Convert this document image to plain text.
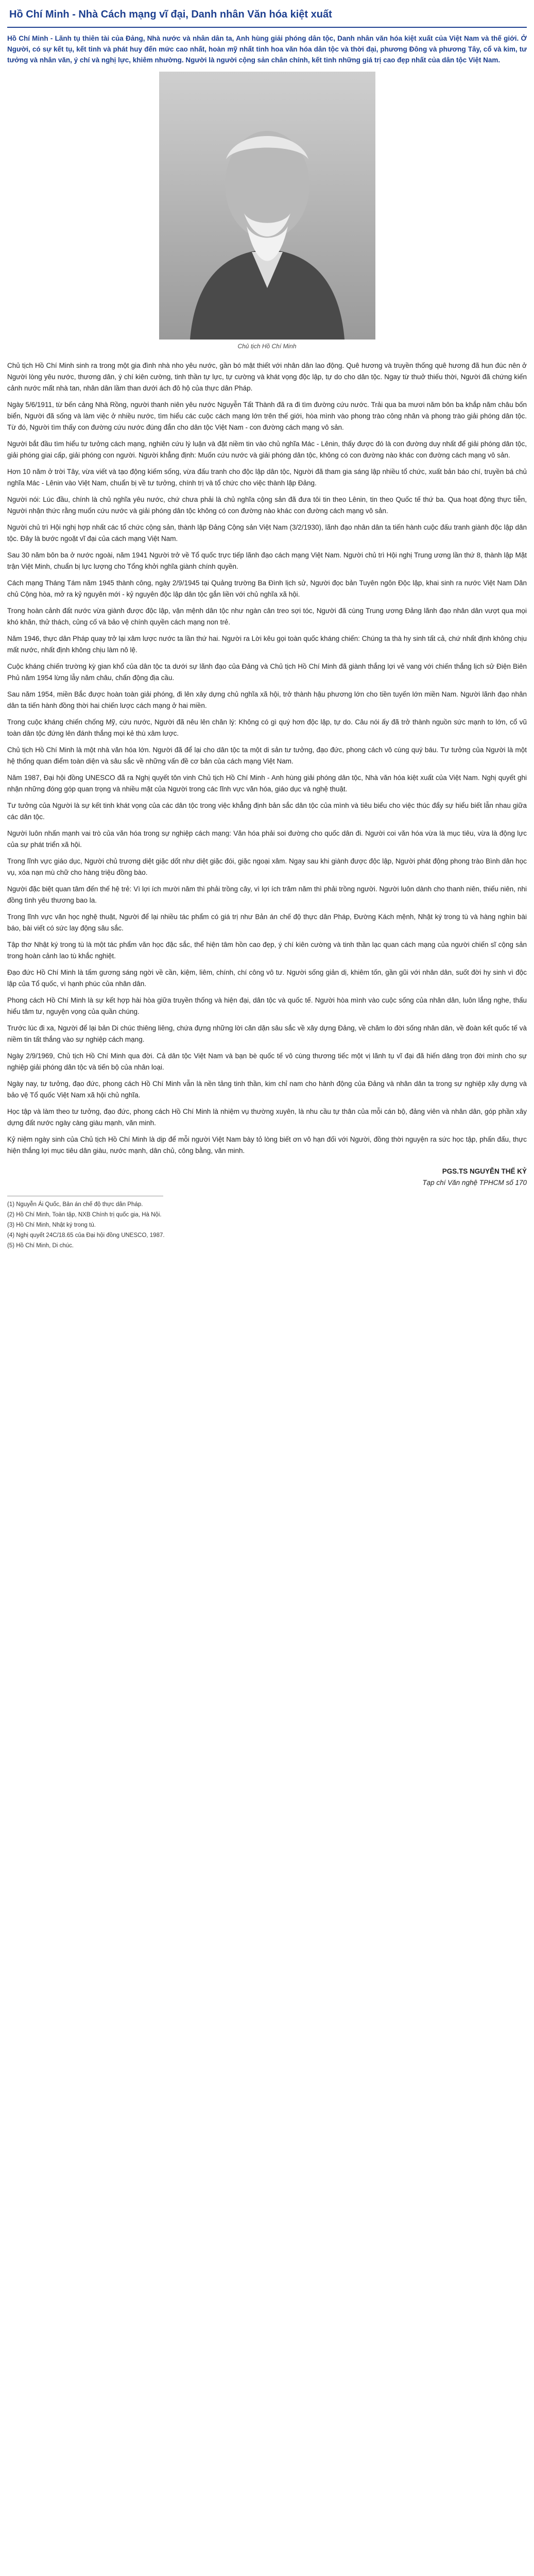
Hồ Chí Minh - Nhà Cách mạng vĩ đại, Danh nhân Văn hóa kiệt xuất

Hồ Chí Minh - Lãnh tụ thiên tài của Đảng, Nhà nước và nhân dân ta, Anh hùng giải phóng dân tộc, Danh nhân văn hóa kiệt xuất của Việt Nam và thế giới. Ở Người, có sự kết tụ, kết tinh và phát huy đến mức cao nhất, hoàn mỹ nhất tinh hoa văn hóa dân tộc và thời đại, phương Đông và phương Tây, cổ và kim, tư tưởng và nhân văn, ý chí và nghị lực, khiêm nhường. Người là người cộng sản chân chính, kết tinh những giá trị cao đẹp nhất của dân tộc Việt Nam.

Chủ tịch Hồ Chí Minh

Chủ tịch Hồ Chí Minh sinh ra trong một gia đình nhà nho yêu nước, gần bó mật thiết với nhân dân lao động. Quê hương và truyền thống quê hương đã hun đúc nên ở Người lòng yêu nước, thương dân, ý chí kiên cường, tinh thần tự lực, tự cường và khát vọng độc lập, tự do cho dân tộc. Ngay từ thuở thiếu thời, Người đã chứng kiến cảnh nước mất nhà tan, nhân dân lầm than dưới ách đô hộ của thực dân Pháp.

Ngày 5/6/1911, từ bến cảng Nhà Rồng, người thanh niên yêu nước Nguyễn Tất Thành đã ra đi tìm đường cứu nước. Trải qua ba mươi năm bôn ba khắp năm châu bốn biển, Người đã sống và làm việc ở nhiều nước, tìm hiểu các cuộc cách mạng lớn trên thế giới, hòa mình vào phong trào công nhân và phong trào giải phóng dân tộc. Từ đó, Người tìm thấy con đường cứu nước đúng đắn cho dân tộc Việt Nam - con đường cách mạng vô sản.

Người bắt đầu tìm hiểu tư tưởng cách mạng, nghiên cứu lý luận và đặt niềm tin vào chủ nghĩa Mác - Lênin, thấy được đó là con đường duy nhất để giải phóng dân tộc, giải phóng giai cấp, giải phóng con người. Người khẳng định: Muốn cứu nước và giải phóng dân tộc, không có con đường nào khác con đường cách mạng vô sản.

Hơn 10 năm ở trời Tây, vừa viết và tạo động kiếm sống, vừa đấu tranh cho độc lập dân tộc, Người đã tham gia sáng lập nhiều tổ chức, xuất bản báo chí, truyền bá chủ nghĩa Mác - Lênin vào Việt Nam, chuẩn bị về tư tưởng, chính trị và tổ chức cho việc thành lập Đảng.

Người nói: Lúc đầu, chính là chủ nghĩa yêu nước, chứ chưa phải là chủ nghĩa cộng sản đã đưa tôi tin theo Lênin, tin theo Quốc tế thứ ba. Qua hoạt động thực tiễn, Người nhận thức rằng muốn cứu nước và giải phóng dân tộc không có con đường nào khác con đường cách mạng vô sản.

Người chủ trì Hội nghị hợp nhất các tổ chức cộng sản, thành lập Đảng Cộng sản Việt Nam (3/2/1930), lãnh đạo nhân dân ta tiến hành cuộc đấu tranh giành độc lập dân tộc. Đây là bước ngoặt vĩ đại của cách mạng Việt Nam.

Sau 30 năm bôn ba ở nước ngoài, năm 1941 Người trở về Tổ quốc trực tiếp lãnh đạo cách mạng Việt Nam. Người chủ trì Hội nghị Trung ương lần thứ 8, thành lập Mặt trận Việt Minh, chuẩn bị lực lượng cho Tổng khởi nghĩa giành chính quyền.

Cách mạng Tháng Tám năm 1945 thành công, ngày 2/9/1945 tại Quảng trường Ba Đình lịch sử, Người đọc bản Tuyên ngôn Độc lập, khai sinh ra nước Việt Nam Dân chủ Cộng hòa, mở ra kỷ nguyên mới - kỷ nguyên độc lập dân tộc gắn liền với chủ nghĩa xã hội.

Trong hoàn cảnh đất nước vừa giành được độc lập, vận mệnh dân tộc như ngàn cân treo sợi tóc, Người đã cùng Trung ương Đảng lãnh đạo nhân dân vượt qua mọi khó khăn, thử thách, củng cố và bảo vệ chính quyền cách mạng non trẻ.

Năm 1946, thực dân Pháp quay trở lại xâm lược nước ta lần thứ hai. Người ra Lời kêu gọi toàn quốc kháng chiến: Chúng ta thà hy sinh tất cả, chứ nhất định không chịu mất nước, nhất định không chịu làm nô lệ.

Cuộc kháng chiến trường kỳ gian khổ của dân tộc ta dưới sự lãnh đạo của Đảng và Chủ tịch Hồ Chí Minh đã giành thắng lợi vẻ vang với chiến thắng lịch sử Điện Biên Phủ năm 1954 lừng lẫy năm châu, chấn động địa cầu.

Sau năm 1954, miền Bắc được hoàn toàn giải phóng, đi lên xây dựng chủ nghĩa xã hội, trở thành hậu phương lớn cho tiền tuyến lớn miền Nam. Người lãnh đạo nhân dân ta tiến hành đồng thời hai chiến lược cách mạng ở hai miền.

Trong cuộc kháng chiến chống Mỹ, cứu nước, Người đã nêu lên chân lý: Không có gì quý hơn độc lập, tự do. Câu nói ấy đã trở thành nguồn sức mạnh to lớn, cổ vũ toàn dân tộc đứng lên đánh thắng mọi kẻ thù xâm lược.

Chủ tịch Hồ Chí Minh là một nhà văn hóa lớn. Người đã để lại cho dân tộc ta một di sản tư tưởng, đạo đức, phong cách vô cùng quý báu. Tư tưởng của Người là một hệ thống quan điểm toàn diện và sâu sắc về những vấn đề cơ bản của cách mạng Việt Nam.

Năm 1987, Đại hội đồng UNESCO đã ra Nghị quyết tôn vinh Chủ tịch Hồ Chí Minh - Anh hùng giải phóng dân tộc, Nhà văn hóa kiệt xuất của Việt Nam. Nghị quyết ghi nhận những đóng góp quan trọng và nhiều mặt của Người trong các lĩnh vực văn hóa, giáo dục và nghệ thuật.

Tư tưởng của Người là sự kết tinh khát vọng của các dân tộc trong việc khẳng định bản sắc dân tộc của mình và tiêu biểu cho việc thúc đẩy sự hiểu biết lẫn nhau giữa các dân tộc.

Người luôn nhấn mạnh vai trò của văn hóa trong sự nghiệp cách mạng: Văn hóa phải soi đường cho quốc dân đi. Người coi văn hóa vừa là mục tiêu, vừa là động lực của sự phát triển xã hội.

Trong lĩnh vực giáo dục, Người chủ trương diệt giặc dốt như diệt giặc đói, giặc ngoại xâm. Ngay sau khi giành được độc lập, Người phát động phong trào Bình dân học vụ, xóa nạn mù chữ cho hàng triệu đồng bào.

Người đặc biệt quan tâm đến thế hệ trẻ: Vì lợi ích mười năm thì phải trồng cây, vì lợi ích trăm năm thì phải trồng người. Người luôn dành cho thanh niên, thiếu niên, nhi đồng tình yêu thương bao la.

Trong lĩnh vực văn học nghệ thuật, Người để lại nhiều tác phẩm có giá trị như Bản án chế độ thực dân Pháp, Đường Kách mệnh, Nhật ký trong tù và hàng nghìn bài báo, bài viết có sức lay động sâu sắc.

Tập thơ Nhật ký trong tù là một tác phẩm văn học đặc sắc, thể hiện tâm hồn cao đẹp, ý chí kiên cường và tinh thần lạc quan cách mạng của người chiến sĩ cộng sản trong hoàn cảnh lao tù khắc nghiệt.

Đạo đức Hồ Chí Minh là tấm gương sáng ngời về cần, kiệm, liêm, chính, chí công vô tư. Người sống giản dị, khiêm tốn, gần gũi với nhân dân, suốt đời hy sinh vì độc lập của Tổ quốc, vì hạnh phúc của nhân dân.

Phong cách Hồ Chí Minh là sự kết hợp hài hòa giữa truyền thống và hiện đại, dân tộc và quốc tế. Người hòa mình vào cuộc sống của nhân dân, luôn lắng nghe, thấu hiểu tâm tư, nguyện vọng của quần chúng.

Trước lúc đi xa, Người để lại bản Di chúc thiêng liêng, chứa đựng những lời căn dặn sâu sắc về xây dựng Đảng, về chăm lo đời sống nhân dân, về đoàn kết quốc tế và niềm tin tất thắng vào sự nghiệp cách mạng.

Ngày 2/9/1969, Chủ tịch Hồ Chí Minh qua đời. Cả dân tộc Việt Nam và bạn bè quốc tế vô cùng thương tiếc một vị lãnh tụ vĩ đại đã hiến dâng trọn đời mình cho sự nghiệp giải phóng dân tộc và tiến bộ của nhân loại.

Ngày nay, tư tưởng, đạo đức, phong cách Hồ Chí Minh vẫn là nền tảng tinh thần, kim chỉ nam cho hành động của Đảng và nhân dân ta trong sự nghiệp xây dựng và bảo vệ Tổ quốc Việt Nam xã hội chủ nghĩa.

Học tập và làm theo tư tưởng, đạo đức, phong cách Hồ Chí Minh là nhiệm vụ thường xuyên, là nhu cầu tự thân của mỗi cán bộ, đảng viên và nhân dân, góp phần xây dựng đất nước ngày càng giàu mạnh, văn minh.

Kỷ niệm ngày sinh của Chủ tịch Hồ Chí Minh là dịp để mỗi người Việt Nam bày tỏ lòng biết ơn vô hạn đối với Người, đồng thời nguyện ra sức học tập, phấn đấu, thực hiện thắng lợi mục tiêu dân giàu, nước mạnh, dân chủ, công bằng, văn minh.

PGS.TS NGUYỄN THẾ KỶ
Tạp chí Văn nghệ TPHCM số 170
(1) Nguyễn Ái Quốc, Bản án chế độ thực dân Pháp.
(2) Hồ Chí Minh, Toàn tập, NXB Chính trị quốc gia, Hà Nội.
(3) Hồ Chí Minh, Nhật ký trong tù.
(4) Nghị quyết 24C/18.65 của Đại hội đồng UNESCO, 1987.
(5) Hồ Chí Minh, Di chúc.
